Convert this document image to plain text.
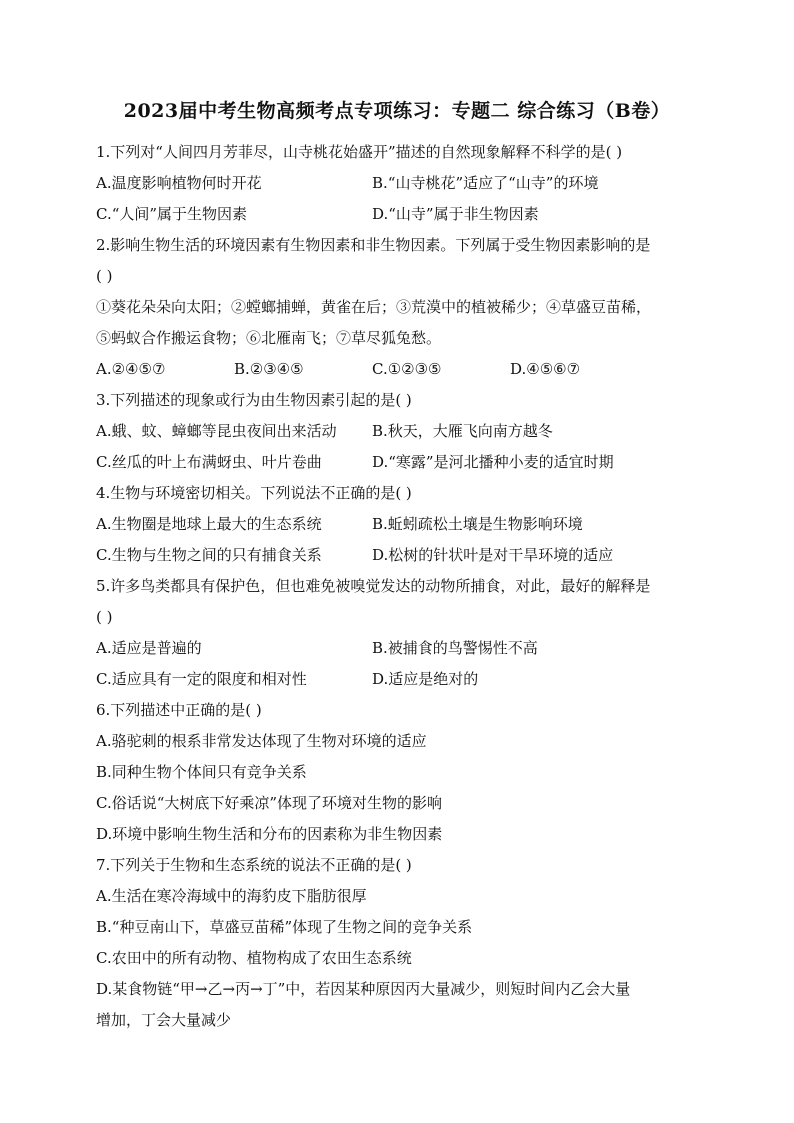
2023届中考生物高频考点专项练习：专题二 综合练习（B卷）
1.下列对“人间四月芳菲尽，山寺桃花始盛开”描述的自然现象解释不科学的是( )
A.温度影响植物何时开花	B.“山寺桃花”适应了“山寺”的环境
C.“人间”属于生物因素	D.“山寺”属于非生物因素
2.影响生物生活的环境因素有生物因素和非生物因素。下列属于受生物因素影响的是
( )
①葵花朵朵向太阳；②螳螂捕蝉，黄雀在后；③荒漠中的植被稀少；④草盛豆苗稀，
⑤蚂蚁合作搬运食物；⑥北雁南飞；⑦草尽狐兔愁。
A.②④⑤⑦	B.②③④⑤	C.①②③⑤	D.④⑤⑥⑦
3.下列描述的现象或行为由生物因素引起的是( )
A.蛾、蚊、蟑螂等昆虫夜间出来活动 B.秋天，大雁飞向南方越冬
C.丝瓜的叶上布满蚜虫、叶片卷曲	D.“寒露”是河北播种小麦的适宜时期
4.生物与环境密切相关。下列说法不正确的是( )
A.生物圈是地球上最大的生态系统	B.蚯蚓疏松土壤是生物影响环境
C.生物与生物之间的只有捕食关系	D.松树的针状叶是对干旱环境的适应
5.许多鸟类都具有保护色，但也难免被嗅觉发达的动物所捕食，对此，最好的解释是
( )
A.适应是普遍的	B.被捕食的鸟警惕性不高
C.适应具有一定的限度和相对性	D.适应是绝对的
6.下列描述中正确的是( )
A.骆驼刺的根系非常发达体现了生物对环境的适应
B.同种生物个体间只有竞争关系
C.俗话说“大树底下好乘凉”体现了环境对生物的影响
D.环境中影响生物生活和分布的因素称为非生物因素
7.下列关于生物和生态系统的说法不正确的是( )
A.生活在寒冷海域中的海豹皮下脂肪很厚
B.“种豆南山下，草盛豆苗稀”体现了生物之间的竞争关系
C.农田中的所有动物、植物构成了农田生态系统
D.某食物链“甲→乙→丙→丁”中，若因某种原因丙大量减少，则短时间内乙会大量
增加，丁会大量减少
